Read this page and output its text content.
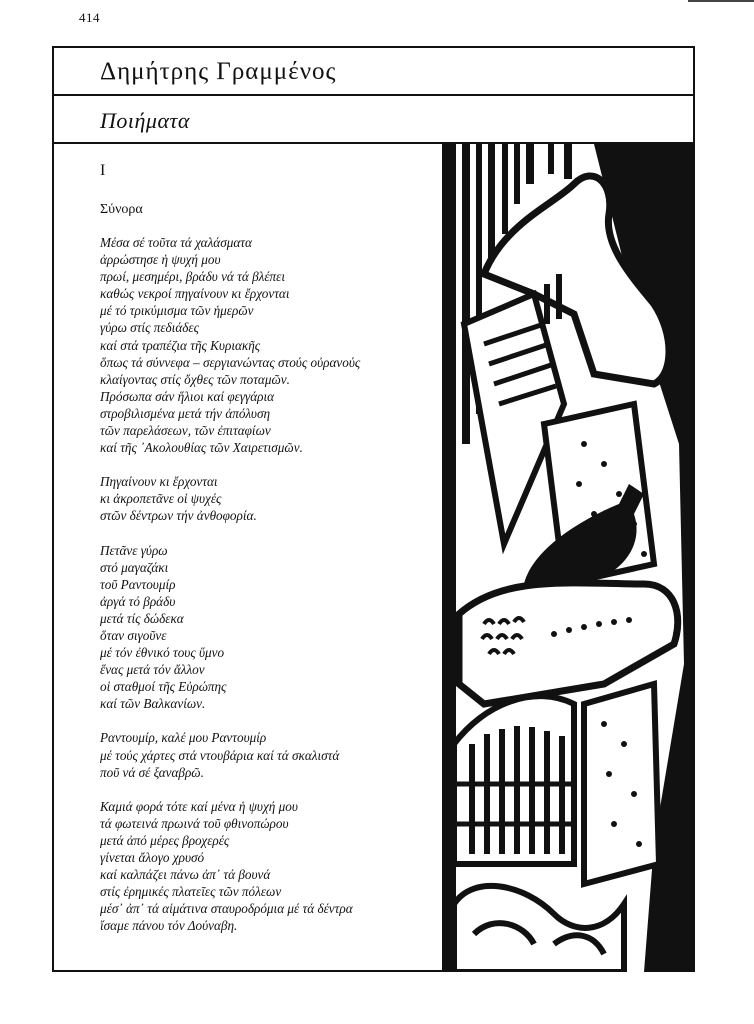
414
Δημήτρης Γραμμένος
Ποιήματα
I
Σύνορα
Μέσα σέ τοῦτα τά χαλάσματα
ἀρρώστησε ἡ ψυχή μου
πρωί, μεσημέρι, βράδυ νά τά βλέπει
καθώς νεκροί πηγαίνουν κι ἔρχονται
μέ τό τρικύμισμα τῶν ἡμερῶν
γύρω στίς πεδιάδες
καί στά τραπέζια τῆς Κυριακῆς
ὅπως τά σύννεφα – σεργιανώντας στούς οὐρανούς
κλαίγοντας στίς ὄχθες τῶν ποταμῶν.
Πρόσωπα σάν ἥλιοι καί φεγγάρια
στροβιλισμένα μετά τήν ἀπόλυση
τῶν παρελάσεων, τῶν ἐπιταφίων
καί τῆς ᾿Ακολουθίας τῶν Χαιρετισμῶν.
Πηγαίνουν κι ἔρχονται
κι ἀκροπετᾶνε οἱ ψυχές
στῶν δέντρων τήν ἀνθοφορία.
Πετᾶνε γύρω
στό μαγαζάκι
τοῦ Ραντουμίρ
ἀργά τό βράδυ
μετά τίς δώδεκα
ὅταν σιγοῦνε
μέ τόν ἐθνικό τους ὕμνο
ἕνας μετά τόν ἄλλον
οἱ σταθμοί τῆς Εὐρώπης
καί τῶν Βαλκανίων.
Ραντουμίρ, καλέ μου Ραντουμίρ
μέ τούς χάρτες στά ντουβάρια καί τά σκαλιστά
ποῦ νά σέ ξαναβρῶ.
Καμιά φορά τότε καί μένα ἡ ψυχή μου
τά φωτεινά πρωινά τοῦ φθινοπώρου
μετά ἀπό μέρες βροχερές
γίνεται ἄλογο χρυσό
καί καλπάζει πάνω ἀπ᾿ τά βουνά
στίς ἐρημικές πλατεῖες τῶν πόλεων
μέσ᾿ ἀπ᾿ τά αἱμάτινα σταυροδρόμια μέ τά δέντρα
ἴσαμε πάνου τόν Δούναβη.
